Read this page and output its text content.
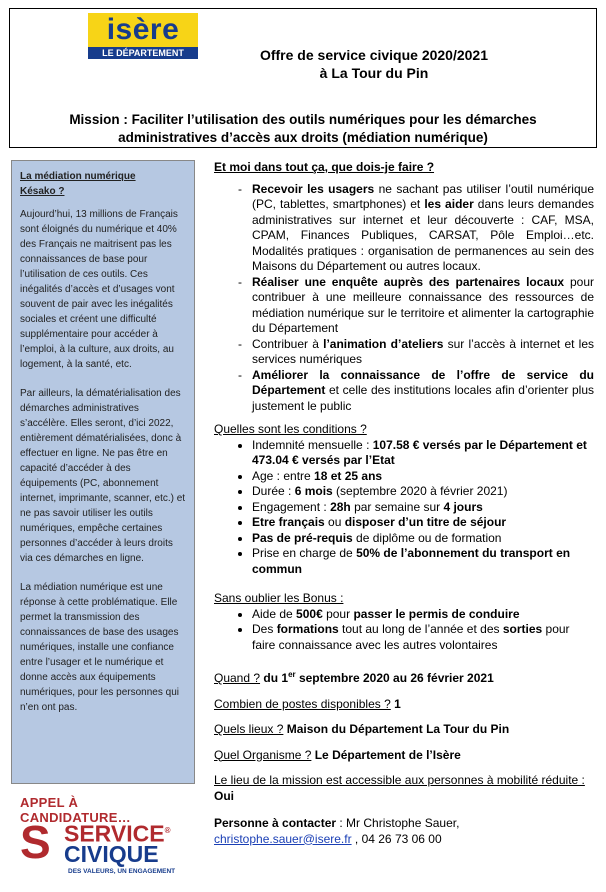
isère
LE DÉPARTEMENT	Offre de service civique 2020/2021
à La Tour du Pin
Mission : Faciliter l’utilisation des outils numériques pour les démarches
administratives d’accès aux droits (médiation numérique)
La médiation numérique
Késako ?

Aujourd’hui, 13 millions de Français sont éloignés du numérique et 40% des Français ne maitrisent pas les connaissances de base pour l’utilisation de ces outils. Ces inégalités d’accès et d’usages vont souvent de pair avec les inégalités sociales et créent une difficulté supplémentaire pour accéder à l’emploi, à la culture, aux droits, au logement, à la santé, etc.

Par ailleurs, la dématérialisation des démarches administratives s’accélère. Elles seront, d’ici 2022, entièrement dématérialisées, donc à effectuer en ligne. Ne pas être en capacité d’accéder à des équipements (PC, abonnement internet, imprimante, scanner, etc.) et ne pas savoir utiliser les outils numériques, empêche certaines personnes d’accéder à leurs droits via ces démarches en ligne.

La médiation numérique est une réponse à cette problématique. Elle permet la transmission des connaissances de base des usages numériques, installe une confiance entre l’usager et le numérique et donne accès aux équipements numériques, pour les personnes qui n’en ont pas.

APPEL À CANDIDATURE…
S SERVICE®
CIVIQUE
DES VALEURS, UN ENGAGEMENT
Et moi dans tout ça, que dois-je faire ?
- Recevoir les usagers ne sachant pas utiliser l’outil numérique (PC, tablettes, smartphones) et les aider dans leurs demandes administratives sur internet et leur découverte : CAF, MSA, CPAM, Finances Publiques, CARSAT, Pôle Emploi…etc. Modalités pratiques : organisation de permanences au sein des Maisons du Département ou autres locaux.
- Réaliser une enquête auprès des partenaires locaux pour contribuer à une meilleure connaissance des ressources de médiation numérique sur le territoire et alimenter la cartographie du Département
- Contribuer à l’animation d’ateliers sur l’accès à internet et les services numériques
- Améliorer la connaissance de l’offre de service du Département et celle des institutions locales afin d’orienter plus justement le public
Quelles sont les conditions ?
• Indemnité mensuelle : 107.58 € versés par le Département et 473.04 € versés par l’Etat
• Age : entre 18 et 25 ans
• Durée : 6 mois (septembre 2020 à février 2021)
• Engagement : 28h par semaine sur 4 jours
• Etre français ou disposer d’un titre de séjour
• Pas de pré-requis de diplôme ou de formation
• Prise en charge de 50% de l’abonnement du transport en commun
Sans oublier les Bonus :
• Aide de 500€ pour passer le permis de conduire
• Des formations tout au long de l’année et des sorties pour faire connaissance avec les autres volontaires
Quand ? du 1er septembre 2020 au 26 février 2021
Combien de postes disponibles ? 1
Quels lieux ? Maison du Département La Tour du Pin
Quel Organisme ? Le Département de l’Isère
Le lieu de la mission est accessible aux personnes à mobilité réduite :
Oui
Personne à contacter : Mr Christophe Sauer,
christophe.sauer@isere.fr , 04 26 73 06 00
